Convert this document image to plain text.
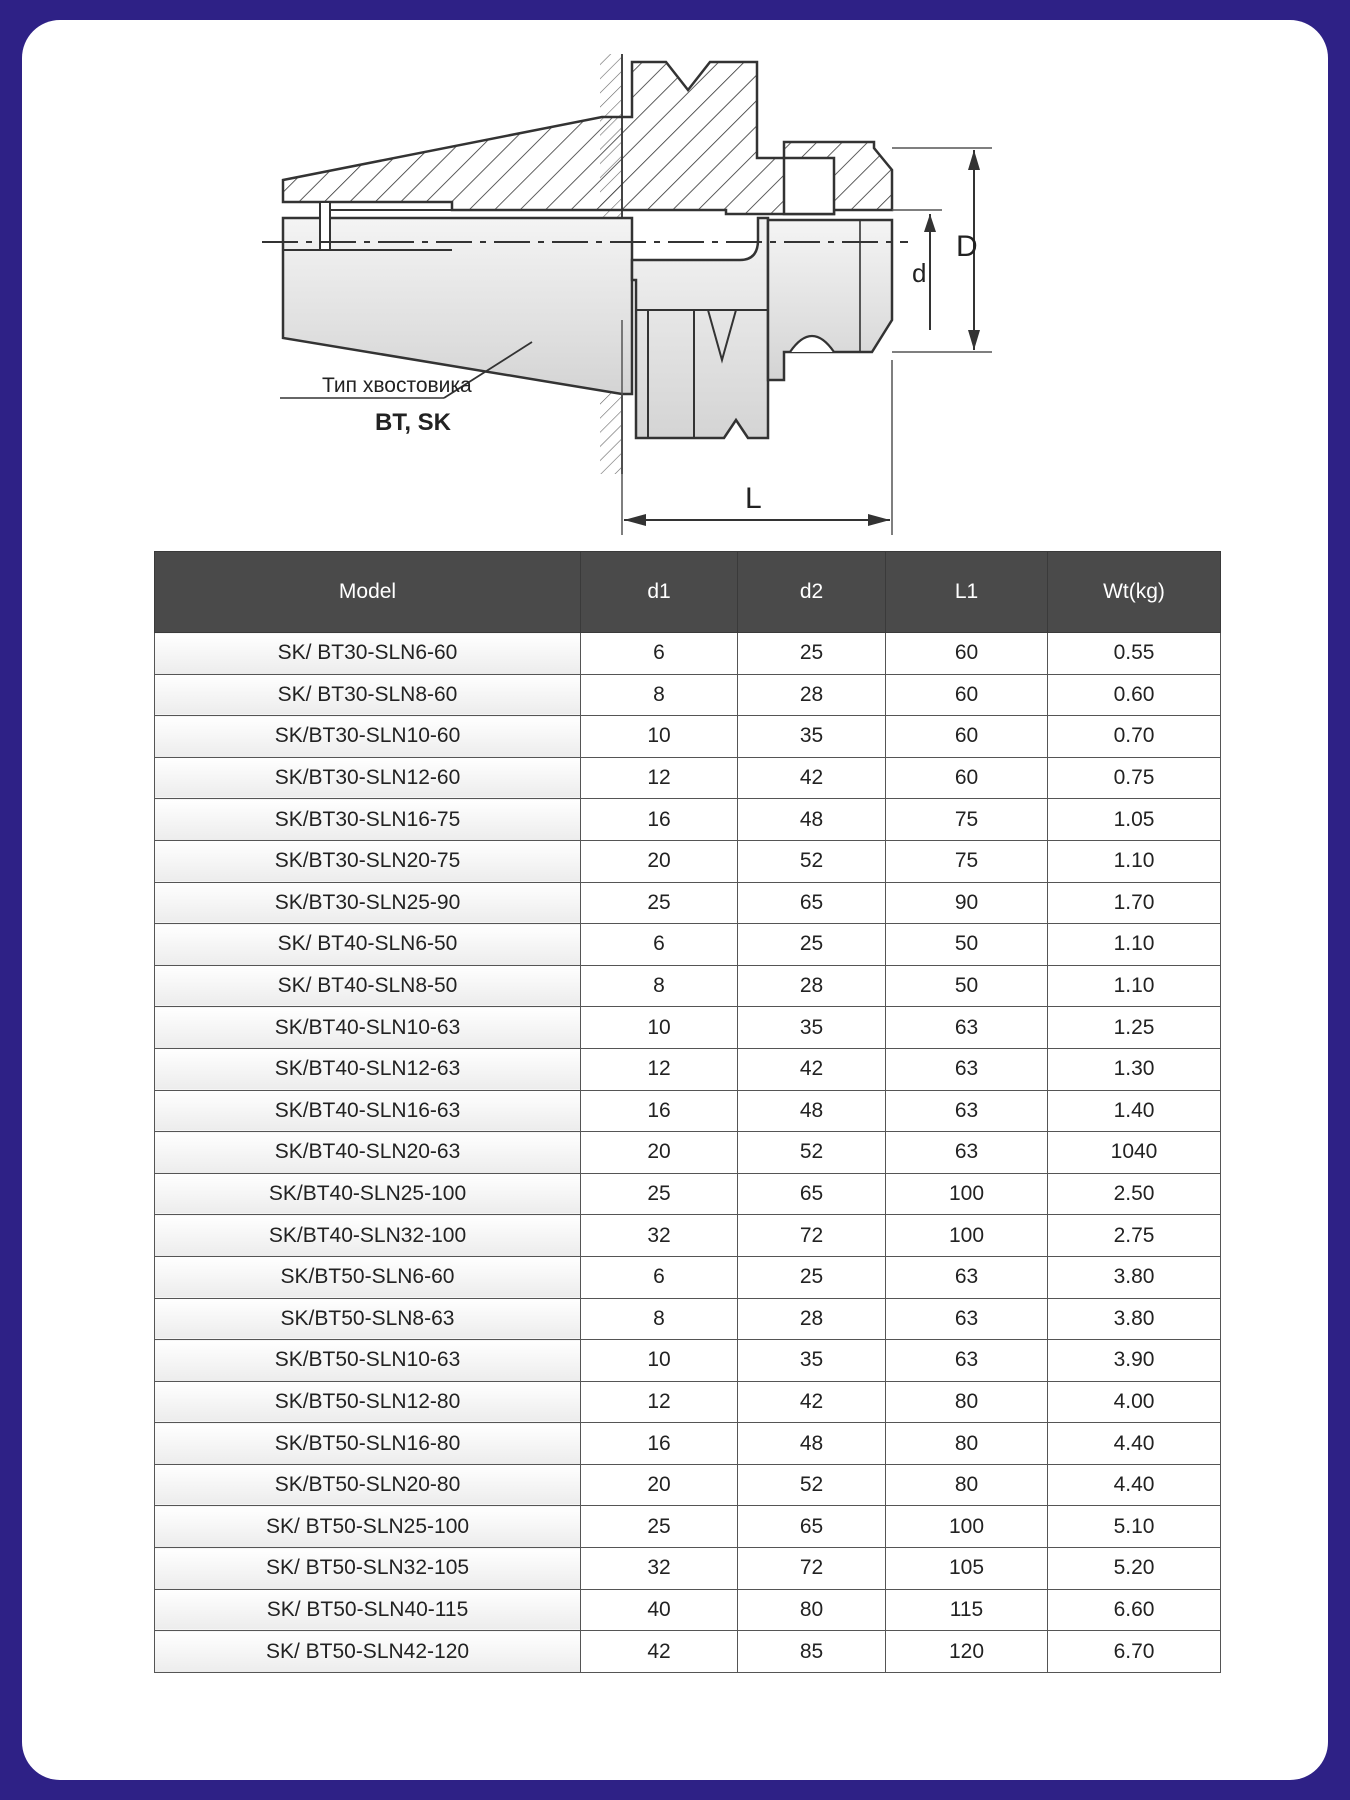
D
d
L
Тип хвостовика
BT, SK
Model	d1	d2	L1	Wt(kg)
SK/ BT30-SLN6-60	6	25	60	0.55
SK/ BT30-SLN8-60	8	28	60	0.60
SK/BT30-SLN10-60	10	35	60	0.70
SK/BT30-SLN12-60	12	42	60	0.75
SK/BT30-SLN16-75	16	48	75	1.05
SK/BT30-SLN20-75	20	52	75	1.10
SK/BT30-SLN25-90	25	65	90	1.70
SK/ BT40-SLN6-50	6	25	50	1.10
SK/ BT40-SLN8-50	8	28	50	1.10
SK/BT40-SLN10-63	10	35	63	1.25
SK/BT40-SLN12-63	12	42	63	1.30
SK/BT40-SLN16-63	16	48	63	1.40
SK/BT40-SLN20-63	20	52	63	1040
SK/BT40-SLN25-100	25	65	100	2.50
SK/BT40-SLN32-100	32	72	100	2.75
SK/BT50-SLN6-60	6	25	63	3.80
SK/BT50-SLN8-63	8	28	63	3.80
SK/BT50-SLN10-63	10	35	63	3.90
SK/BT50-SLN12-80	12	42	80	4.00
SK/BT50-SLN16-80	16	48	80	4.40
SK/BT50-SLN20-80	20	52	80	4.40
SK/ BT50-SLN25-100	25	65	100	5.10
SK/ BT50-SLN32-105	32	72	105	5.20
SK/ BT50-SLN40-115	40	80	115	6.60
SK/ BT50-SLN42-120	42	85	120	6.70
